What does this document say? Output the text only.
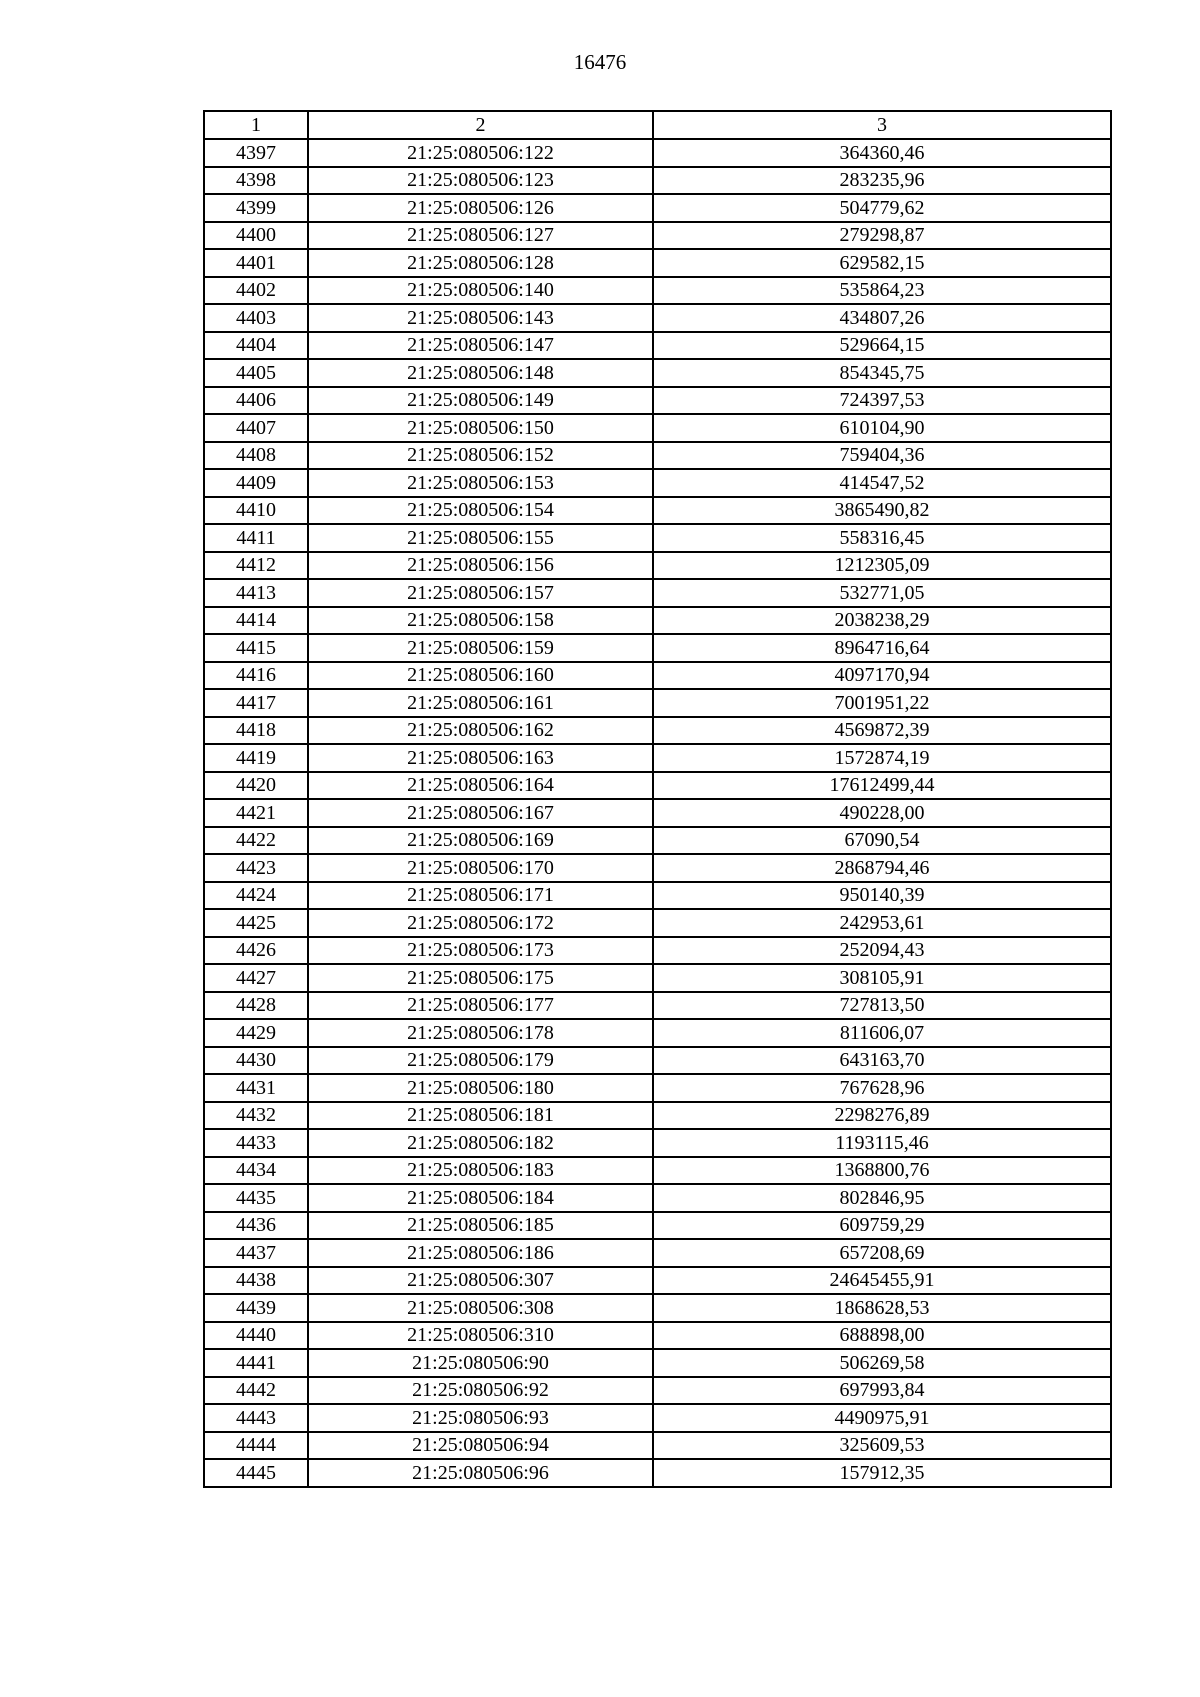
16476
1	2	3
4397	21:25:080506:122	364360,46
4398	21:25:080506:123	283235,96
4399	21:25:080506:126	504779,62
4400	21:25:080506:127	279298,87
4401	21:25:080506:128	629582,15
4402	21:25:080506:140	535864,23
4403	21:25:080506:143	434807,26
4404	21:25:080506:147	529664,15
4405	21:25:080506:148	854345,75
4406	21:25:080506:149	724397,53
4407	21:25:080506:150	610104,90
4408	21:25:080506:152	759404,36
4409	21:25:080506:153	414547,52
4410	21:25:080506:154	3865490,82
4411	21:25:080506:155	558316,45
4412	21:25:080506:156	1212305,09
4413	21:25:080506:157	532771,05
4414	21:25:080506:158	2038238,29
4415	21:25:080506:159	8964716,64
4416	21:25:080506:160	4097170,94
4417	21:25:080506:161	7001951,22
4418	21:25:080506:162	4569872,39
4419	21:25:080506:163	1572874,19
4420	21:25:080506:164	17612499,44
4421	21:25:080506:167	490228,00
4422	21:25:080506:169	67090,54
4423	21:25:080506:170	2868794,46
4424	21:25:080506:171	950140,39
4425	21:25:080506:172	242953,61
4426	21:25:080506:173	252094,43
4427	21:25:080506:175	308105,91
4428	21:25:080506:177	727813,50
4429	21:25:080506:178	811606,07
4430	21:25:080506:179	643163,70
4431	21:25:080506:180	767628,96
4432	21:25:080506:181	2298276,89
4433	21:25:080506:182	1193115,46
4434	21:25:080506:183	1368800,76
4435	21:25:080506:184	802846,95
4436	21:25:080506:185	609759,29
4437	21:25:080506:186	657208,69
4438	21:25:080506:307	24645455,91
4439	21:25:080506:308	1868628,53
4440	21:25:080506:310	688898,00
4441	21:25:080506:90	506269,58
4442	21:25:080506:92	697993,84
4443	21:25:080506:93	4490975,91
4444	21:25:080506:94	325609,53
4445	21:25:080506:96	157912,35
